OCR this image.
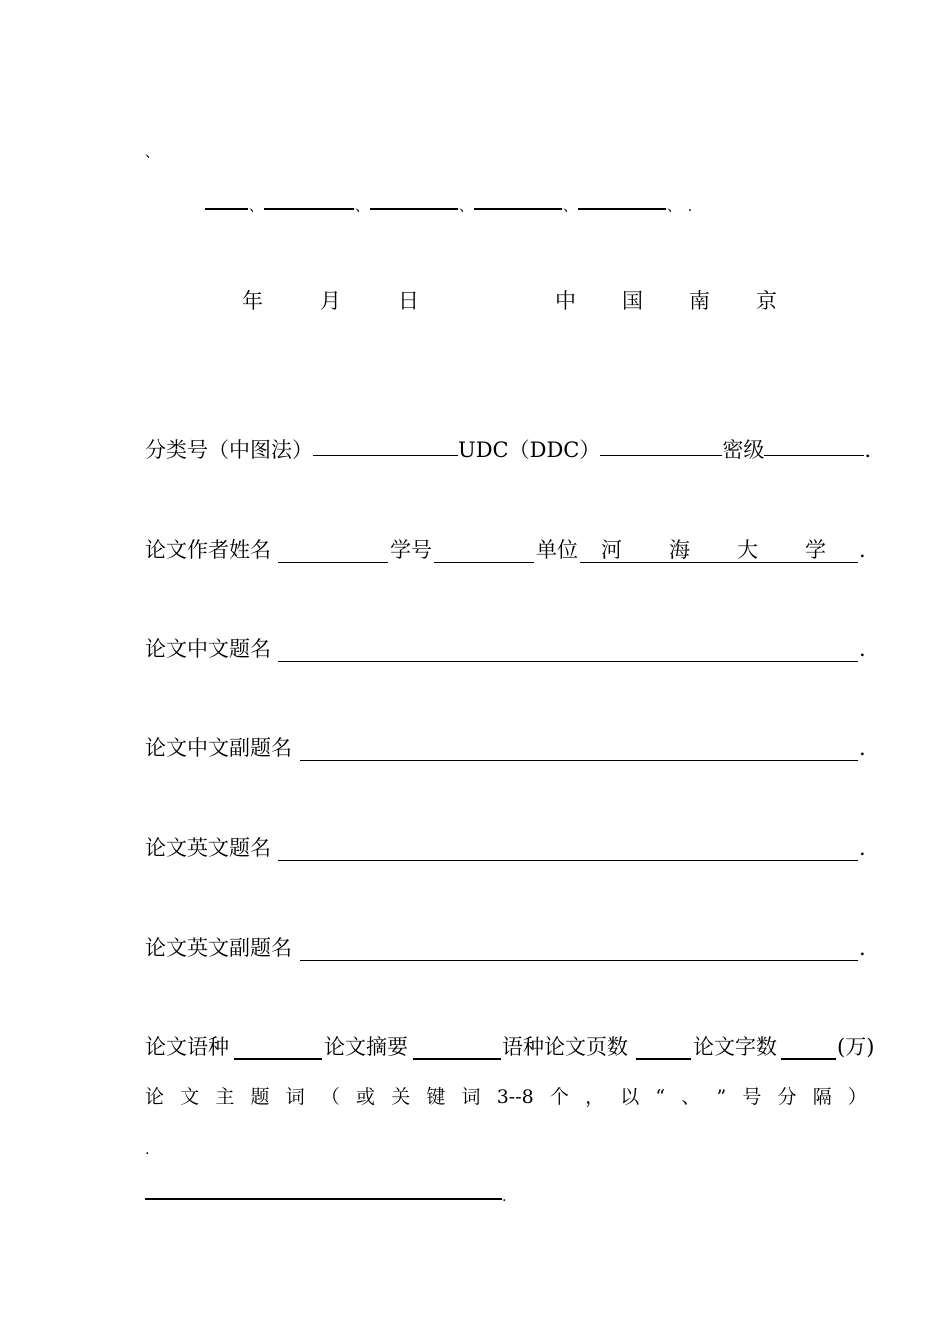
、
、	、	、	、	、 .
年	月	日	中 国 南 京
分类号（中图法）	UDC（DDC）	密级	.
论文作者姓名	学号	单位 河 海 大 学 .
论文中文题名	.
论文中文副题名	.
论文英文题名	.
论文英文副题名	.
论文语种	论文摘要	语种论文页数	论文字数	(万)
论 文 主 题 词 （ 或 关 键 词 3--8 个 ， 以 “ 、 ” 号 分 隔 ）
.
.
